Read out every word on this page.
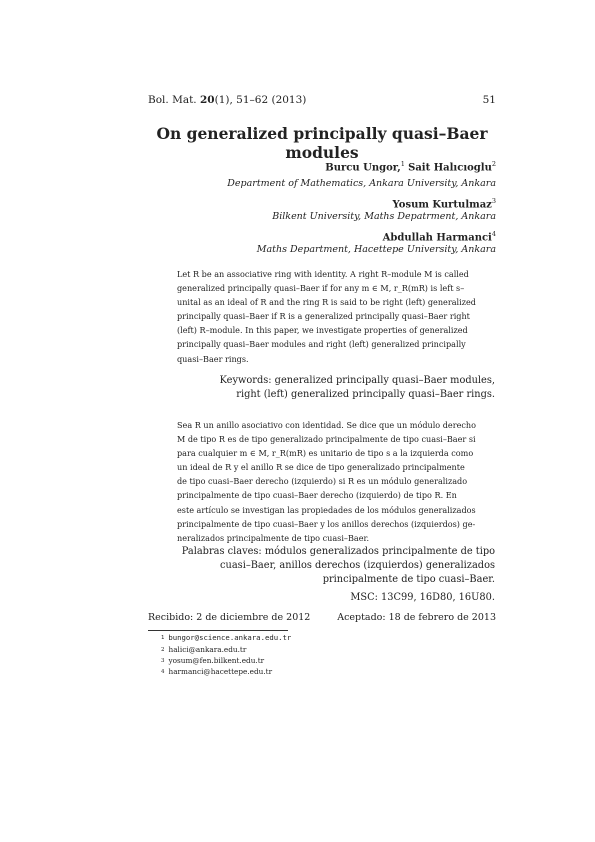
Bol. Mat. 20(1), 51–62 (2013)	51
On generalized principally quasi–Baer modules
Burcu Ungor,$^1$ Sait Halıcıoglu$^2$
Department of Mathematics, Ankara University, Ankara
Yosum Kurtulmaz$^3$
Bilkent University, Maths Depatrment, Ankara
Abdullah Harmanci$^4$
Maths Department, Hacettepe University, Ankara
Let R be an associative ring with identity. A right R–module M is called
generalized principally quasi–Baer if for any m ∈ M, r_R(mR) is left s–
unital as an ideal of R and the ring R is said to be right (left) generalized
principally quasi–Baer if R is a generalized principally quasi–Baer right
(left) R–module. In this paper, we investigate properties of generalized
principally quasi–Baer modules and right (left) generalized principally
quasi–Baer rings.
Keywords: generalized principally quasi–Baer modules,
right (left) generalized principally quasi–Baer rings.
Sea R un anillo asociativo con identidad. Se dice que un módulo derecho
M de tipo R es de tipo generalizado principalmente de tipo cuasi–Baer si
para cualquier m ∈ M, r_R(mR) es unitario de tipo s a la izquierda como
un ideal de R y el anillo R se dice de tipo generalizado principalmente
de tipo cuasi–Baer derecho (izquierdo) si R es un módulo generalizado
principalmente de tipo cuasi–Baer derecho (izquierdo) de tipo R. En
este artículo se investigan las propiedades de los módulos generalizados
principalmente de tipo cuasi–Baer y los anillos derechos (izquierdos) ge-
neralizados principalmente de tipo cuasi–Baer.
Palabras claves: módulos generalizados principalmente de tipo
cuasi–Baer, anillos derechos (izquierdos) generalizados
principalmente de tipo cuasi–Baer.
MSC: 13C99, 16D80, 16U80.
Recibido: 2 de diciembre de 2012	Aceptado: 18 de febrero de 2013
$^1$ bungor@science.ankara.edu.tr
$^2$ halici@ankara.edu.tr
$^3$ yosum@fen.bilkent.edu.tr
$^4$ harmanci@hacettepe.edu.tr
